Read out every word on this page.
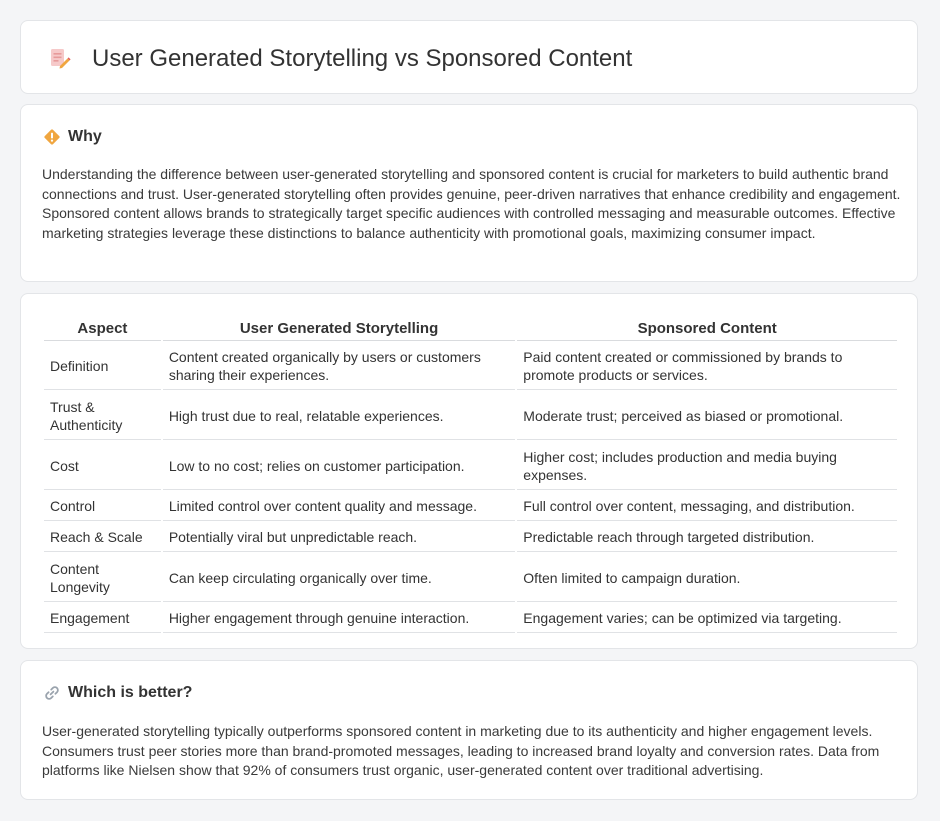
User Generated Storytelling vs Sponsored Content
Why

Understanding the difference between user-generated storytelling and sponsored content is crucial for marketers to build authentic brand connections and trust. User-generated storytelling often provides genuine, peer-driven narratives that enhance credibility and engagement. Sponsored content allows brands to strategically target specific audiences with controlled messaging and measurable outcomes. Effective marketing strategies leverage these distinctions to balance authenticity with promotional goals, maximizing consumer impact.

Aspect	User Generated Storytelling	Sponsored Content
Definition	Content created organically by users or customers sharing their experiences.	Paid content created or commissioned by brands to promote products or services.
Trust & Authenticity	High trust due to real, relatable experiences.	Moderate trust; perceived as biased or promotional.
Cost	Low to no cost; relies on customer participation.	Higher cost; includes production and media buying expenses.
Control	Limited control over content quality and message.	Full control over content, messaging, and distribution.
Reach & Scale	Potentially viral but unpredictable reach.	Predictable reach through targeted distribution.
Content Longevity	Can keep circulating organically over time.	Often limited to campaign duration.
Engagement	Higher engagement through genuine interaction.	Engagement varies; can be optimized via targeting.
Which is better?

User-generated storytelling typically outperforms sponsored content in marketing due to its authenticity and higher engagement levels. Consumers trust peer stories more than brand-promoted messages, leading to increased brand loyalty and conversion rates. Data from platforms like Nielsen show that 92% of consumers trust organic, user-generated content over traditional advertising.
